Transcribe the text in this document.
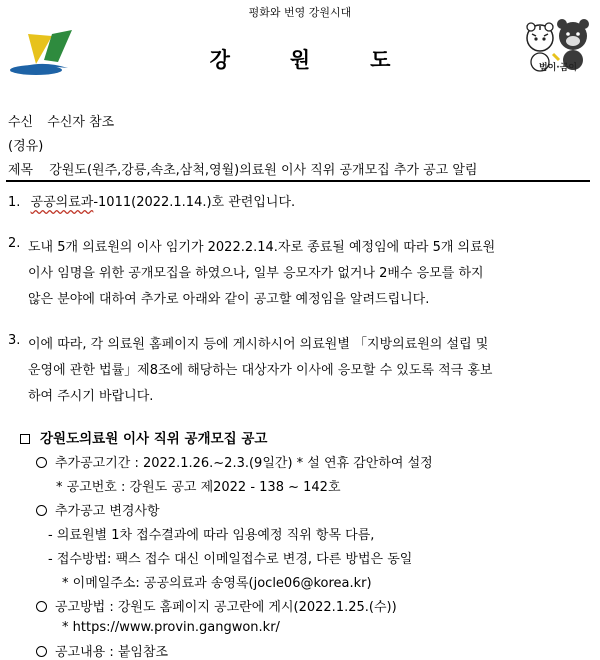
평화와 번영 강원시대
강원도	범이·곰이
수신 수신자 참조
(경유)
제목 강원도(원주,강릉,속초,삼척,영월)의료원 이사 직위 공개모집 추가 공고 알림
1. 공공의료과-1011(2022.1.14.)호 관련입니다.
2. 도내 5개 의료원의 이사 임기가 2022.2.14.자로 종료될 예정임에 따라 5개 의료원
이사 임명을 위한 공개모집을 하였으나, 일부 응모자가 없거나 2배수 응모를 하지
않은 분야에 대하여 추가로 아래와 같이 공고할 예정임을 알려드립니다.
3. 이에 따라, 각 의료원 홈페이지 등에 게시하시어 의료원별 「지방의료원의 설립 및
운영에 관한 법률」제8조에 해당하는 대상자가 이사에 응모할 수 있도록 적극 홍보
하여 주시기 바랍니다.
강원도의료원 이사 직위 공개모집 공고
추가공고기간 : 2022.1.26.~2.3.(9일간) * 설 연휴 감안하여 설정
* 공고번호 : 강원도 공고 제2022 - 138 ~ 142호
추가공고 변경사항
- 의료원별 1차 접수결과에 따라 임용예정 직위 항목 다름,
- 접수방법: 팩스 접수 대신 이메일접수로 변경, 다른 방법은 동일
* 이메일주소: 공공의료과 송영록(jocle06@korea.kr)
공고방법 : 강원도 홈페이지 공고란에 게시(2022.1.25.(수))
* https://www.provin.gangwon.kr/
공고내용 : 붙임참조
